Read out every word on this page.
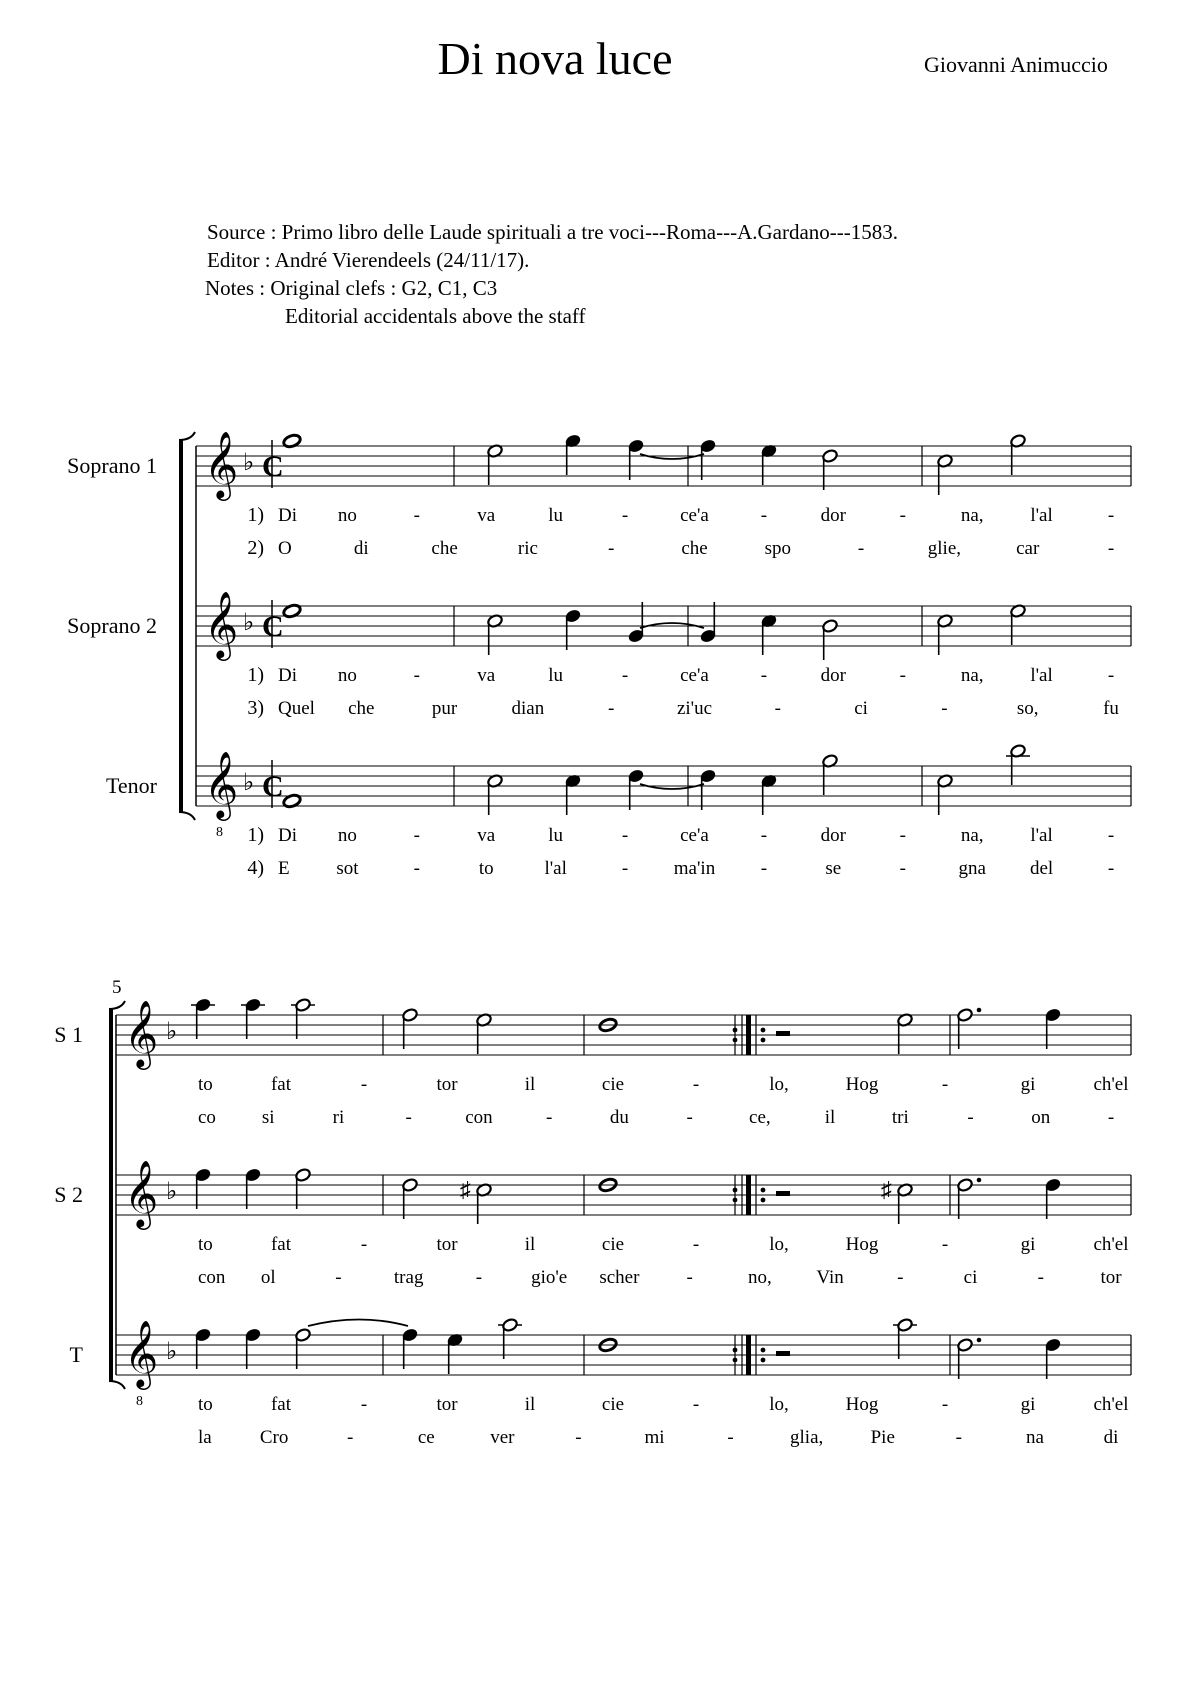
Di nova luce	Giovanni Animuccio
Source : Primo libro delle Laude spirituali a tre voci---Roma---A.Gardano---1583.
Editor : André Vierendeels (24/11/17).
Notes : Original clefs : G2, C1, C3
Editorial accidentals above the staff
𝄞 ♭ C
𝄞 ♭ C
𝄞
8
♭ C
Soprano 1
1) Di no	-	va	lu	-	ce'a	-	dor	-	na, l'al	-
2) O	di	che	ric	-	che	spo	-	glie,	car	-
Soprano 2
1) Di no	-	va	lu	-	ce'a	-	dor	-	na, l'al	-
3) Quel che	pur	dian	-	zi'uc	-	ci	-	so,	fu
Tenor
1) Di no	-	va	lu	-	ce'a	-	dor	-	na, l'al	-
4) E sot	-	to	l'al	- ma'in -	se	-	gna del	-
𝄞 ♭
𝄞 ♭
𝄞
8
♭
5
S 1
to	fat	-	tor	il	cie	-	lo,	Hog	-	gi	ch'el
co si	ri	-	con	-	du	-	ce,	il	tri	-	on	-
S 2	♯	♯
to	fat	-	tor	il	cie	-	lo,	Hog	-	gi	ch'el
con ol	-	trag	-	gio'e scher -	no, Vin	-	ci	-	tor
T
to	fat	-	tor	il	cie	-	lo,	Hog	-	gi	ch'el
la	Cro	-	ce	ver	-	mi	-	glia, Pie	-	na	di
